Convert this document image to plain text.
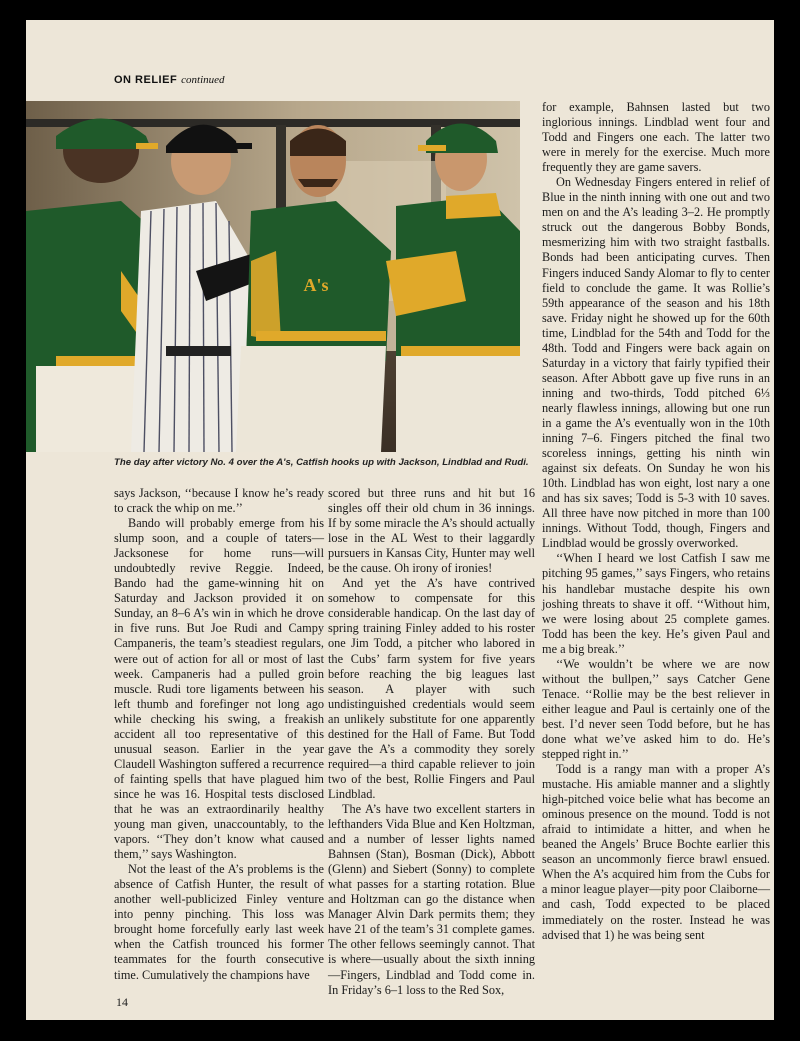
ON RELIEF continued
A's
The day after victory No. 4 over the A's, Catfish hooks up with Jackson, Lindblad and Rudi.

says Jackson, ‘‘because I know he’s ready to crack the whip on me.’’

Bando will probably emerge from his slump soon, and a couple of taters—Jacksonese for home runs—will undoubtedly revive Reggie. Indeed, Bando had the game-winning hit on Saturday and Jackson provided it on Sunday, an 8–6 A’s win in which he drove in five runs. But Joe Rudi and Campy Campaneris, the team’s steadiest regulars, were out of action for all or most of last week. Campaneris had a pulled groin muscle. Rudi tore ligaments between his left thumb and forefinger not long ago while checking his swing, a freakish accident all too representative of this unusual season. Earlier in the year Claudell Washington suffered a recurrence of fainting spells that have plagued him since he was 16. Hospital tests disclosed that he was an extraordinarily healthy young man given, unaccountably, to the vapors. ‘‘They don’t know what caused them,’’ says Washington.

Not the least of the A’s problems is the absence of Catfish Hunter, the result of another well-publicized Finley venture into penny pinching. This loss was brought home forcefully early last week when the Catfish trounced his former teammates for the fourth consecutive time. Cumulatively the champions have

scored but three runs and hit but 16 singles off their old chum in 36 innings. If by some miracle the A’s should actually lose in the AL West to their laggardly pursuers in Kansas City, Hunter may well be the cause. Oh irony of ironies!

And yet the A’s have contrived somehow to compensate for this considerable handicap. On the last day of spring training Finley added to his roster one Jim Todd, a pitcher who labored in the Cubs’ farm system for five years before reaching the big leagues last season. A player with such undistinguished credentials would seem an unlikely substitute for one apparently destined for the Hall of Fame. But Todd gave the A’s a commodity they sorely required—a third capable reliever to join two of the best, Rollie Fingers and Paul Lindblad.

The A’s have two excellent starters in lefthanders Vida Blue and Ken Holtzman, and a number of lesser lights named Bahnsen (Stan), Bosman (Dick), Abbott (Glenn) and Siebert (Sonny) to complete what passes for a starting rotation. Blue and Holtzman can go the distance when Manager Alvin Dark permits them; they have 21 of the team’s 31 complete games. The other fellows seemingly cannot. That is where—usually about the sixth inning—Fingers, Lindblad and Todd come in. In Friday’s 6–1 loss to the Red Sox,

for example, Bahnsen lasted but two inglorious innings. Lindblad went four and Todd and Fingers one each. The latter two were in merely for the exercise. Much more frequently they are game savers.

On Wednesday Fingers entered in relief of Blue in the ninth inning with one out and two men on and the A’s leading 3–2. He promptly struck out the dangerous Bobby Bonds, mesmerizing him with two straight fastballs. Bonds had been anticipating curves. Then Fingers induced Sandy Alomar to fly to center field to conclude the game. It was Rollie’s 59th appearance of the season and his 18th save. Friday night he showed up for the 60th time, Lindblad for the 54th and Todd for the 48th. Todd and Fingers were back again on Saturday in a victory that fairly typified their season. After Abbott gave up five runs in an inning and two-thirds, Todd pitched 6⅓ nearly flawless innings, allowing but one run in a game the A’s eventually won in the 10th inning 7–6. Fingers pitched the final two scoreless innings, getting his ninth win against six defeats. On Sunday he won his 10th. Lindblad has won eight, lost nary a one and has six saves; Todd is 5-3 with 10 saves. All three have now pitched in more than 100 innings. Without Todd, though, Fingers and Lindblad would be grossly overworked.

‘‘When I heard we lost Catfish I saw me pitching 95 games,’’ says Fingers, who retains his handlebar mustache despite his own joshing threats to shave it off. ‘‘Without him, we were losing about 25 complete games. Todd has been the key. He’s given Paul and me a big break.’’

‘‘We wouldn’t be where we are now without the bullpen,’’ says Catcher Gene Tenace. ‘‘Rollie may be the best reliever in either league and Paul is certainly one of the best. I’d never seen Todd before, but he has done what we’ve asked him to do. He’s stepped right in.’’

Todd is a rangy man with a proper A’s mustache. His amiable manner and a slightly high-pitched voice belie what has become an ominous presence on the mound. Todd is not afraid to intimidate a hitter, and when he beaned the Angels’ Bruce Bochte earlier this season an uncommonly fierce brawl ensued. When the A’s acquired him from the Cubs for a minor league player—pity poor Claiborne—and cash, Todd expected to be placed immediately on the roster. Instead he was advised that 1) he was being sent

14
